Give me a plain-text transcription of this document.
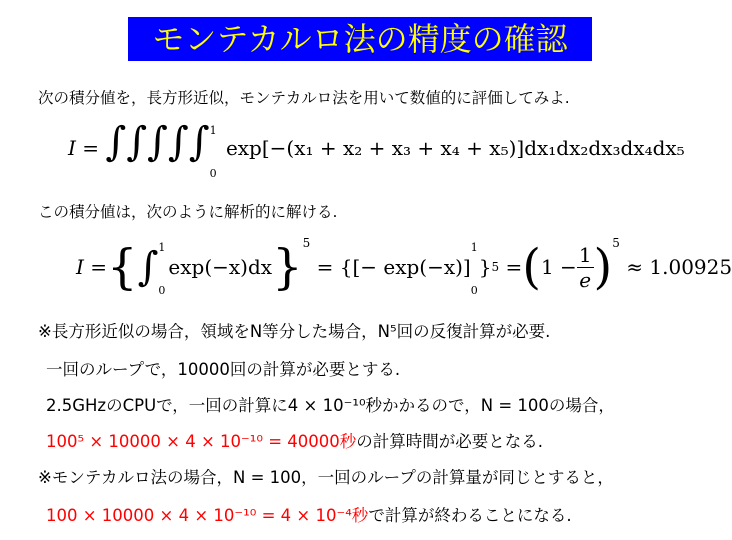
モンテカルロ法の精度の確認
次の積分値を，長方形近似，モンテカルロ法を用いて数値的に評価してみよ.
I = ∫∫∫∫∫ 1
0
exp[−(x₁ + x₂ + x₃ + x₄ + x₅)]dx₁dx₂dx₃dx₄dx₅
この積分値は，次のように解析的に解ける.
I = { ∫ 1
0
exp(−x)dx }$^5$

= {[− exp(−x)]
1
0
} 5
= ( $1 - \frac{1}{e} )^5$

≈ 1.00925
※長方形近似の場合，領域をN等分した場合，N⁵回の反復計算が必要.
一回のループで，10000回の計算が必要とする.
2.5GHzのCPUで，一回の計算に4 × 10⁻¹⁰秒かかるので，N = 100の場合，
100⁵ × 10000 × 4 × 10⁻¹⁰ = 40000秒の計算時間が必要となる.
※モンテカルロ法の場合，N = 100，一回のループの計算量が同じとすると，
100 × 10000 × 4 × 10⁻¹⁰ = 4 × 10⁻⁴秒で計算が終わることになる.
